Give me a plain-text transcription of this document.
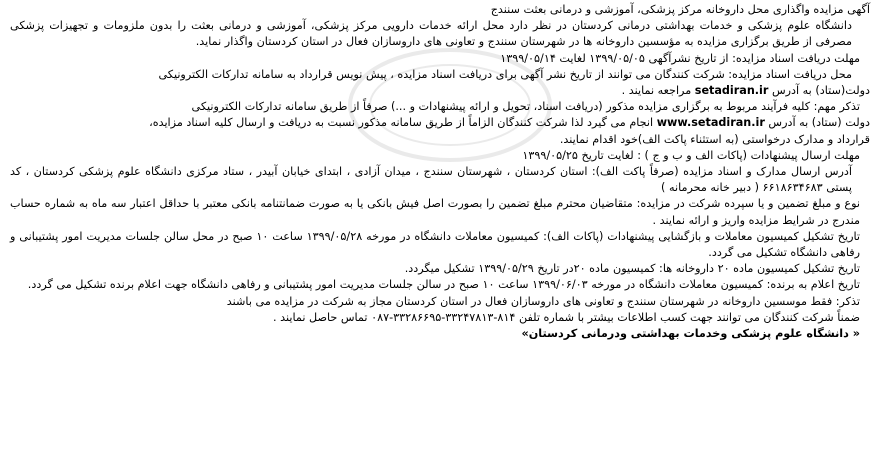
آگهی مزایده واگذاری محل داروخانه مرکز پزشکی، آموزشی و درمانی بعثت سنندج

دانشگاه علوم پزشکی و خدمات بهداشتی درمانی کردستان در نظر دارد محل ارائه خدمات دارویی مرکز پزشکی، آموزشی و درمانی بعثت را بدون ملزومات و تجهیزات پزشکی مصرفی از طریق برگزاری مزایده به مؤسسین داروخانه ها در شهرستان سنندج و تعاونی های داروسازان فعال در استان کردستان واگذار نماید.

مهلت دریافت اسناد مزایده: از تاریخ نشرآگهی ۱۳۹۹/۰۵/۰۵ لغایت ۱۳۹۹/۰۵/۱۴

محل دریافت اسناد مزایده: شرکت کنندگان می توانند از تاریخ نشر آگهی برای دریافت اسناد مزایده ، پیش نویس قرارداد به سامانه تدارکات الکترونیکی

دولت(ستاد) به آدرس setadiran.ir مراجعه نمایند .

تذکر مهم: کلیه فرآیند مربوط به برگزاری مزایده مذکور (دریافت اسناد، تحویل و ارائه پیشنهادات و ...) صرفاً از طریق سامانه تدارکات الکترونیکی

دولت (ستاد) به آدرس www.setadiran.ir انجام می گیرد لذا شرکت کنندگان الزاماً از طریق سامانه مذکور نسبت به دریافت و ارسال کلیه اسناد مزایده،

قرارداد و مدارک درخواستی (به استثناء پاکت الف)خود اقدام نمایند.

مهلت ارسال پیشنهادات (پاکات الف و ب و ج ) : لغایت تاریخ ۱۳۹۹/۰۵/۲۵

آدرس ارسال مدارک و اسناد مزایده (صرفاً پاکت الف): استان کردستان ، شهرستان سنندج ، میدان آزادی ، ابتدای خیابان آبیدر ، ستاد مرکزی دانشگاه علوم پزشکی کردستان ، کد پستی ۶۶۱۸۶۳۴۶۸۳ ( دبیر خانه محرمانه )

نوع و مبلغ تضمین و یا سپرده شرکت در مزایده: متقاضیان محترم مبلغ تضمین را بصورت اصل فیش بانکی یا به صورت ضمانتنامه بانکی معتبر با حداقل اعتبار سه ماه به شماره حساب مندرج در شرایط مزایده واریز و ارائه نمایند .

تاریخ تشکیل کمیسیون معاملات و بازگشایی پیشنهادات (پاکات الف): کمیسیون معاملات دانشگاه در مورخه ۱۳۹۹/۰۵/۲۸ ساعت ۱۰ صبح در محل سالن جلسات مدیریت امور پشتیبانی و رفاهی دانشگاه تشکیل می گردد.

تاریخ تشکیل کمیسیون ماده ۲۰ داروخانه ها: کمیسیون ماده ۲۰در تاریخ ۱۳۹۹/۰۵/۲۹ تشکیل میگردد.

تاریخ اعلام به برنده: کمیسیون معاملات دانشگاه در مورخه ۱۳۹۹/۰۶/۰۳ ساعت ۱۰ صبح در سالن جلسات مدیریت امور پشتیبانی و رفاهی دانشگاه جهت اعلام برنده تشکیل می گردد.

تذکر: فقط موسسین داروخانه در شهرستان سنندج و تعاونی های داروسازان فعال در استان کردستان مجاز به شرکت در مزایده می باشند

ضمناً شرکت کنندگان می توانند جهت کسب اطلاعات بیشتر با شماره تلفن ۸۱۴-۳۳۲۴۷۸۱۳-۳۳۲۸۶۶۹۵-۰۸۷ تماس حاصل نمایند .

« دانشگاه علوم پزشکی وخدمات بهداشتی ودرمانی کردستان»
